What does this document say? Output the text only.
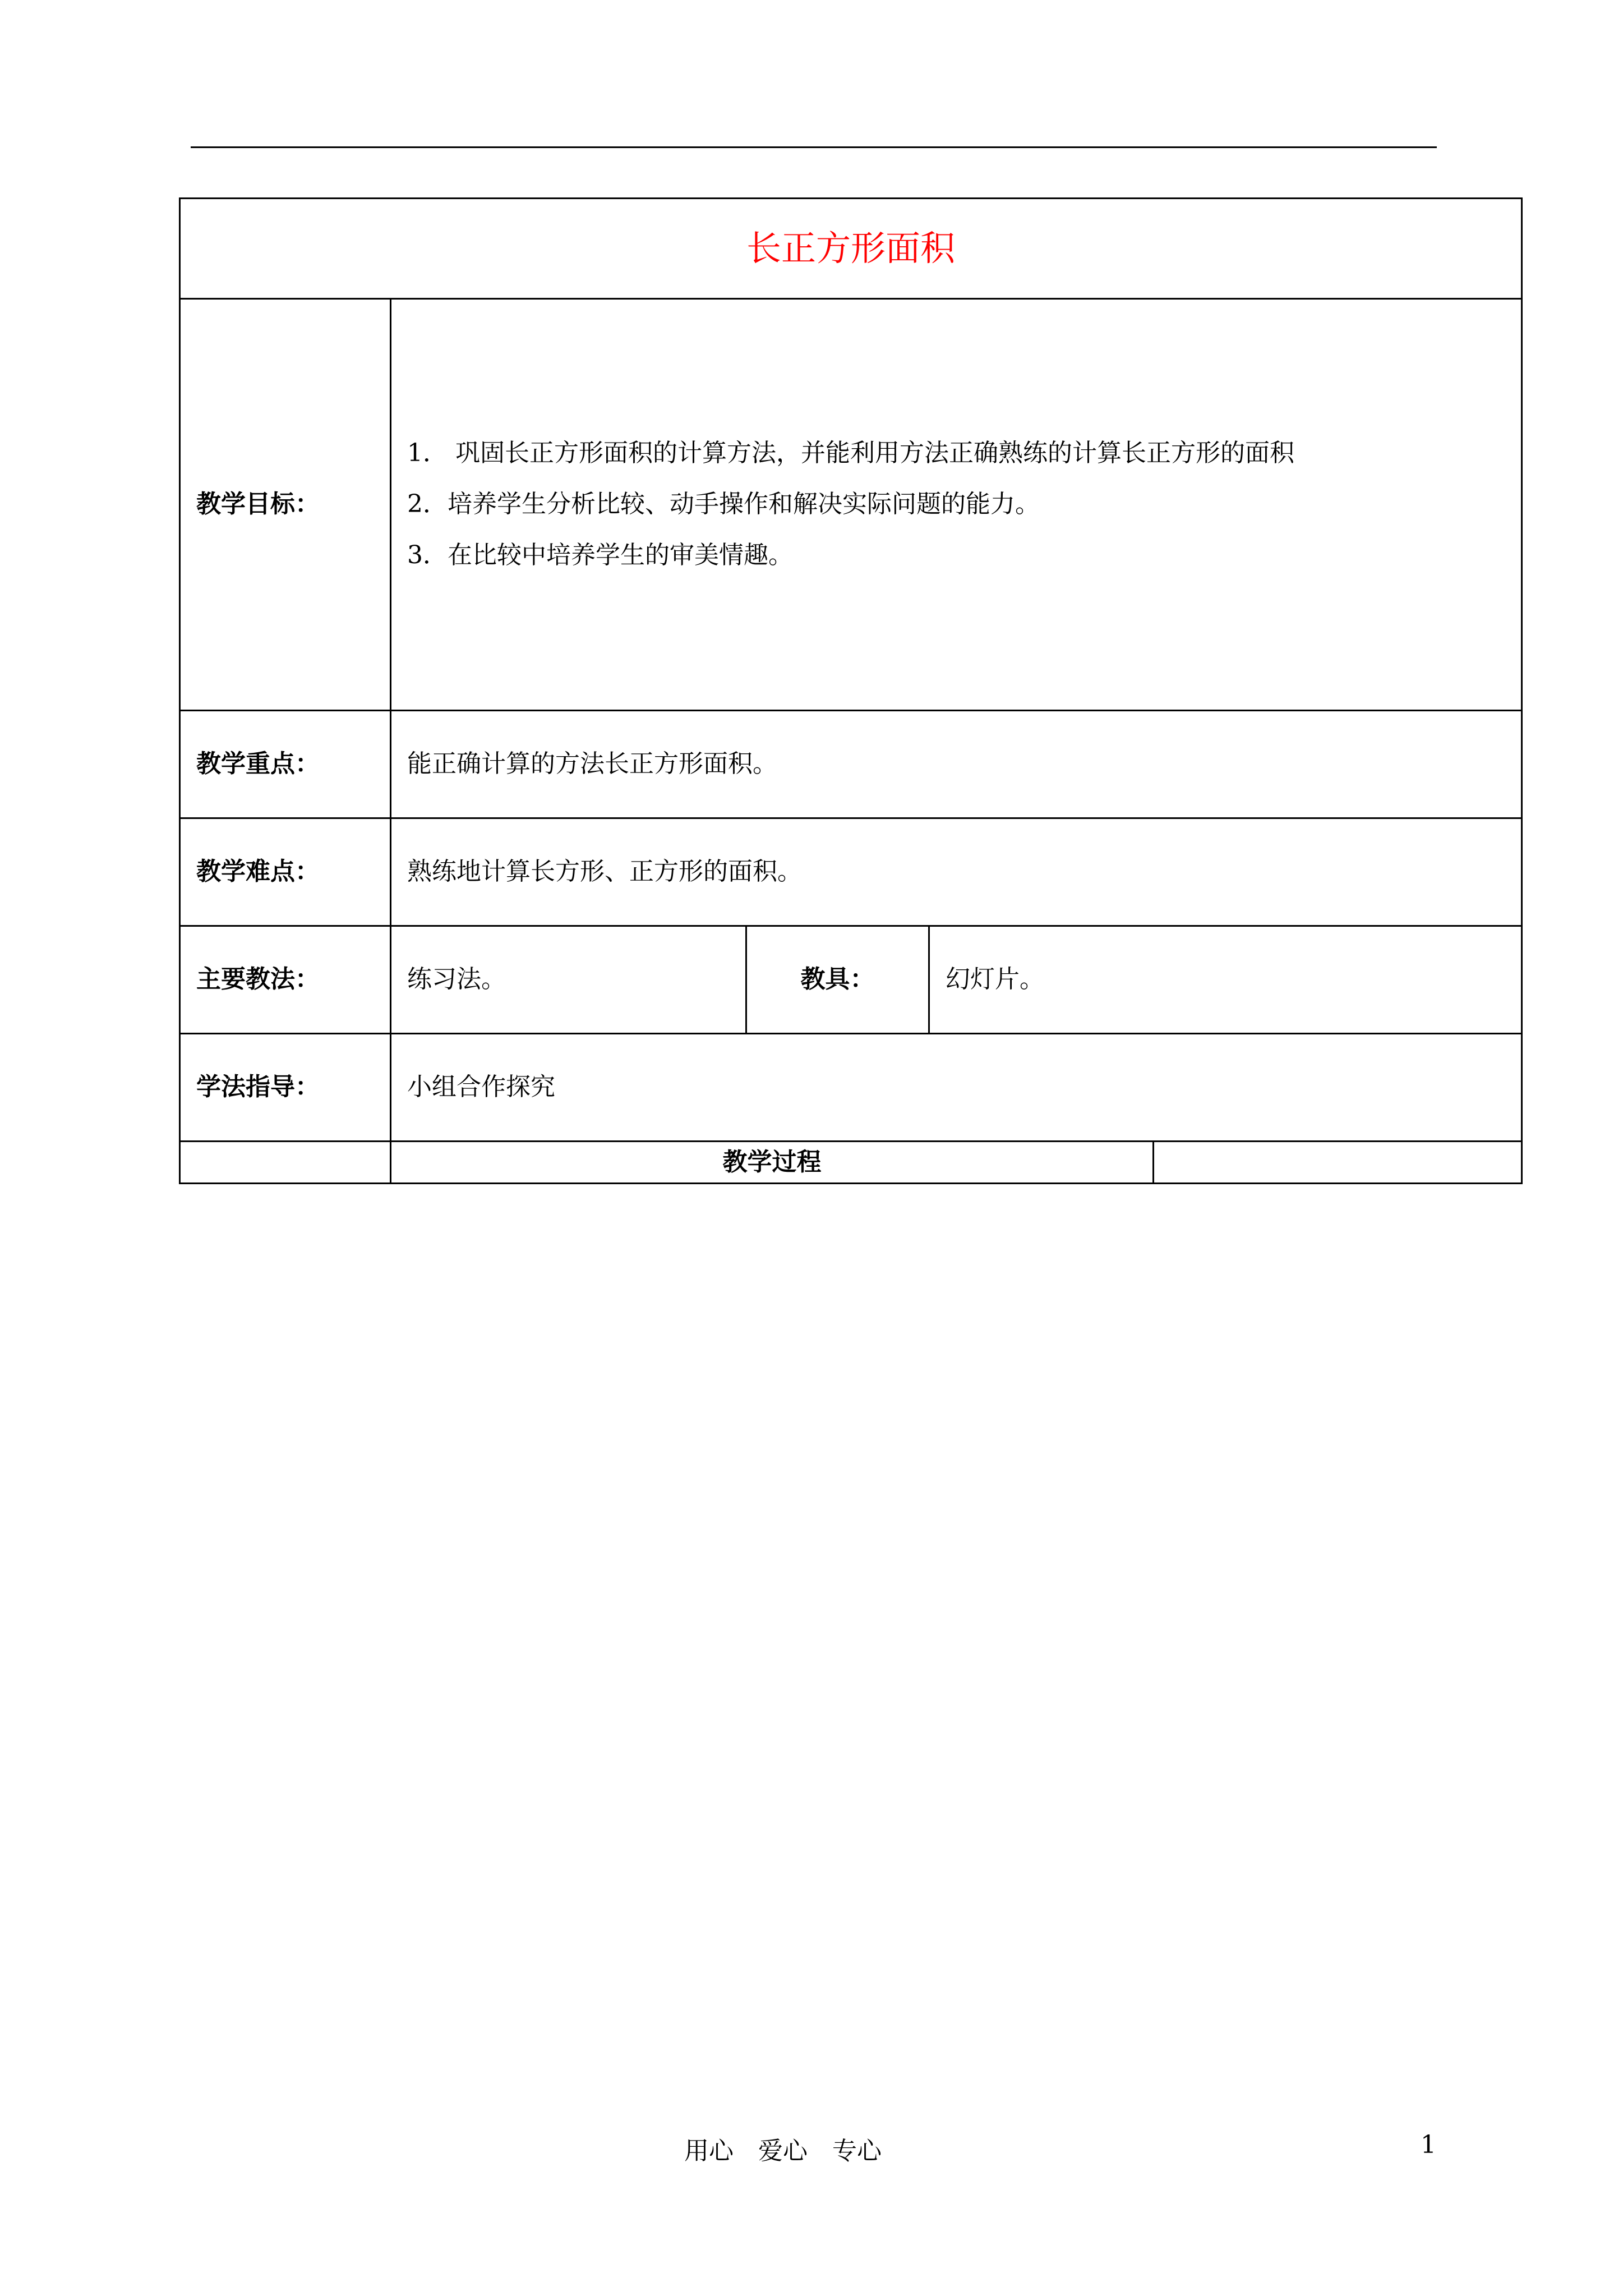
长正方形面积				
教学目标：	1． 巩固长正方形面积的计算方法，并能利用方法正确熟练的计算长正方形的面积
2．培养学生分析比较、动手操作和解决实际问题的能力。
3．在比较中培养学生的审美情趣。			

教学重点：	能正确计算的方法长正方形面积。			
教学难点：	熟练地计算长方形、正方形的面积。			
主要教法：	练习法。	教具：	幻灯片。	
学法指导：	小组合作探究			
	教学过程			
用心　爱心　专心	1
